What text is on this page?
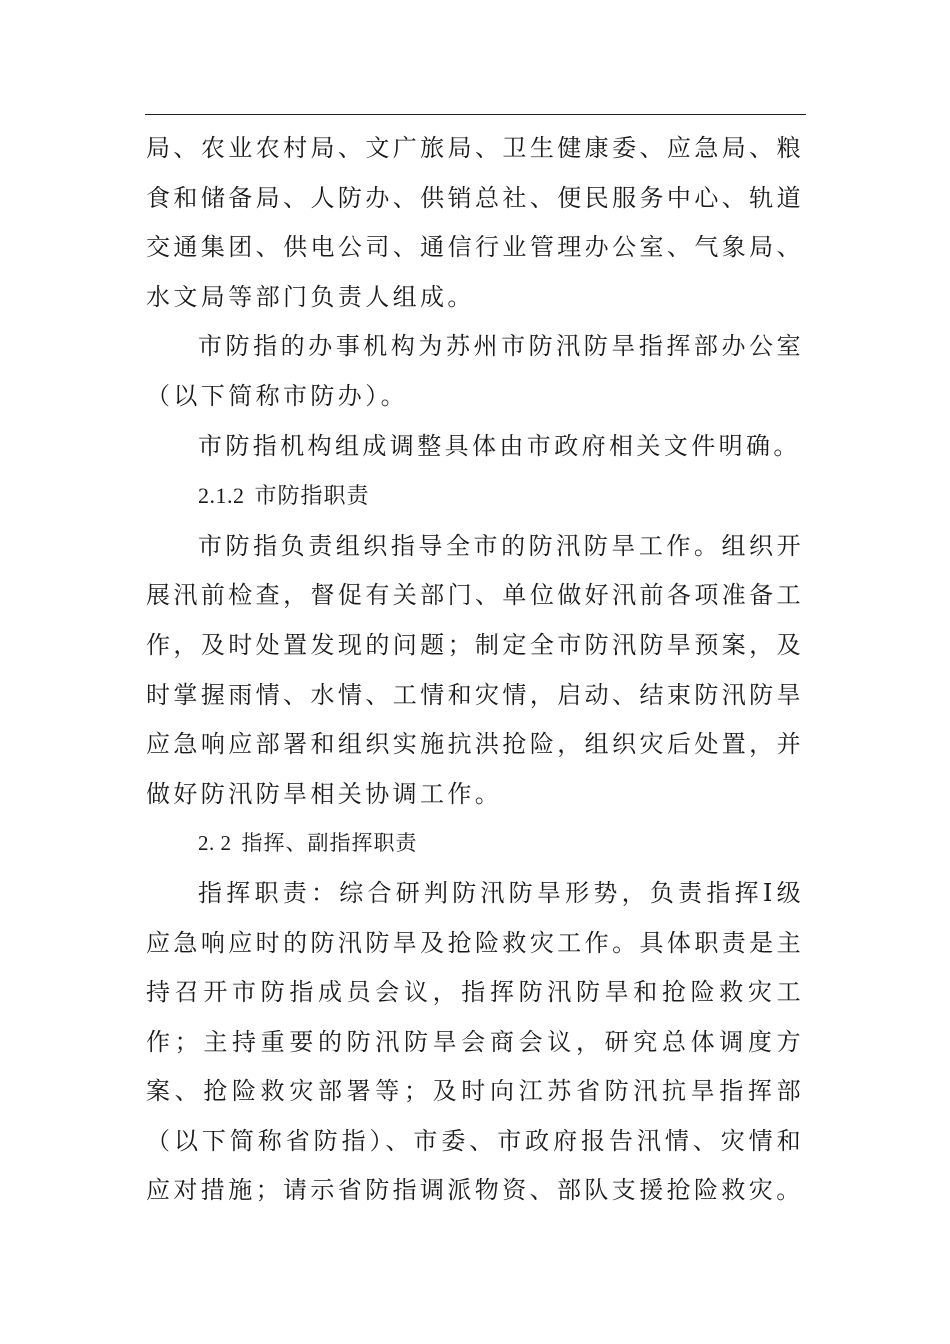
局、农业农村局、文广旅局、卫生健康委、应急局、粮食和储备局、人防办、供销总社、便民服务中心、轨道交通集团、供电公司、通信行业管理办公室、气象局、水文局等部门负责人组成。

市防指的办事机构为苏州市防汛防旱指挥部办公室（以下简称市防办）。

市防指机构组成调整具体由市政府相关文件明确。

2.1.2 市防指职责

市防指负责组织指导全市的防汛防旱工作。组织开展汛前检查，督促有关部门、单位做好汛前各项准备工作，及时处置发现的问题；制定全市防汛防旱预案，及时掌握雨情、水情、工情和灾情，启动、结束防汛防旱应急响应部署和组织实施抗洪抢险，组织灾后处置，并做好防汛防旱相关协调工作。

2. 2 指挥、副指挥职责

指挥职责：综合研判防汛防旱形势，负责指挥Ⅰ级应急响应时的防汛防旱及抢险救灾工作。具体职责是主持召开市防指成员会议，指挥防汛防旱和抢险救灾工作；主持重要的防汛防旱会商会议，研究总体调度方案、抢险救灾部署等；及时向江苏省防汛抗旱指挥部（以下简称省防指）、市委、市政府报告汛情、灾情和应对措施；请示省防指调派物资、部队支援抢险救灾。
